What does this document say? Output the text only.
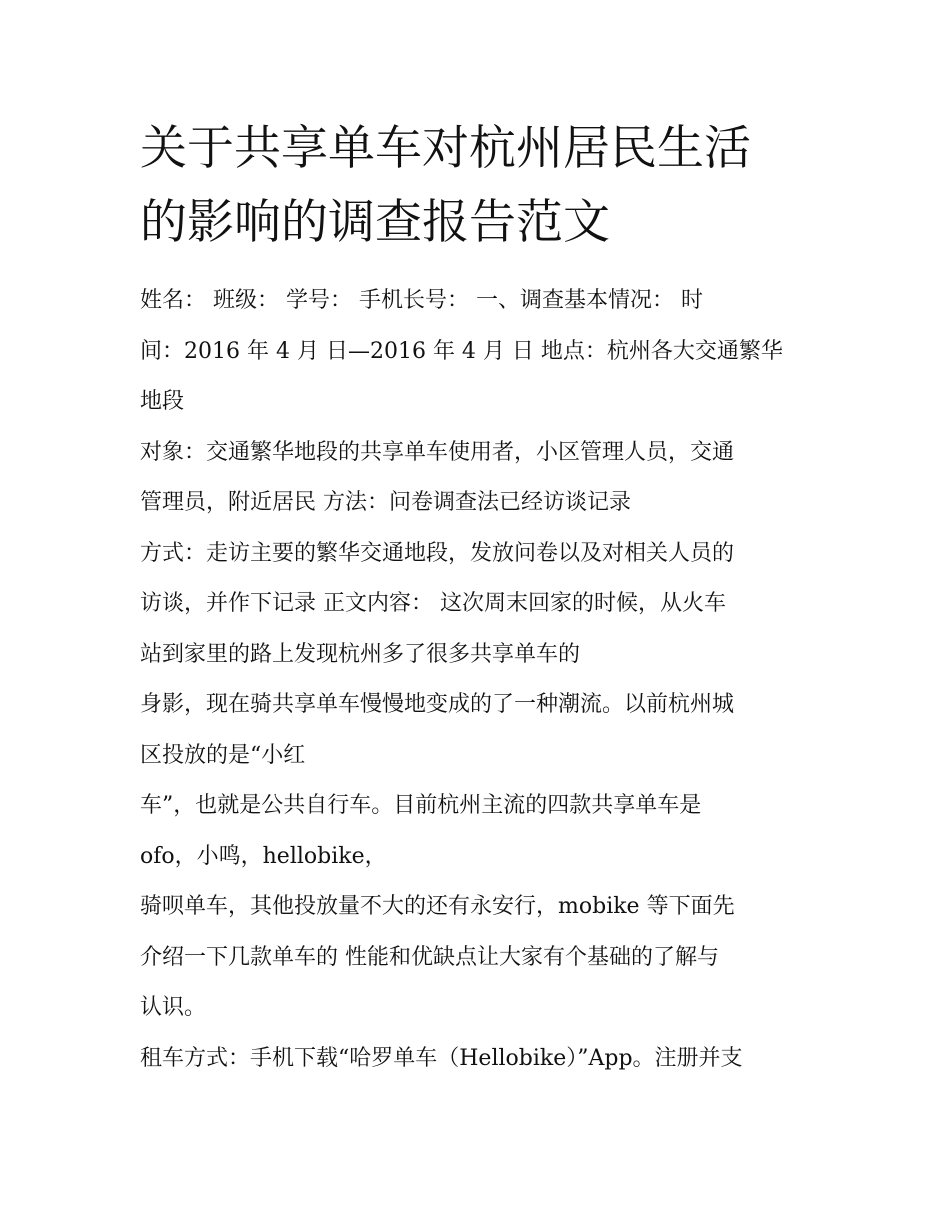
关于共享单车对杭州居民生活
的影响的调查报告范文
姓名： 班级： 学号： 手机长号： 一、调查基本情况： 时
间：2016 年 4 月 日—2016 年 4 月 日 地点：杭州各大交通繁华
地段
对象：交通繁华地段的共享单车使用者，小区管理人员，交通
管理员，附近居民 方法：问卷调查法已经访谈记录
方式：走访主要的繁华交通地段，发放问卷以及对相关人员的
访谈，并作下记录 正文内容： 这次周末回家的时候，从火车
站到家里的路上发现杭州多了很多共享单车的
身影，现在骑共享单车慢慢地变成的了一种潮流。以前杭州城
区投放的是“小红
车”，也就是公共自行车。目前杭州主流的四款共享单车是
ofo，小鸣，hellobike，
骑呗单车，其他投放量不大的还有永安行，mobike 等下面先
介绍一下几款单车的 性能和优缺点让大家有个基础的了解与
认识。
租车方式：手机下载“哈罗单车（Hellobike）”App。注册并支
